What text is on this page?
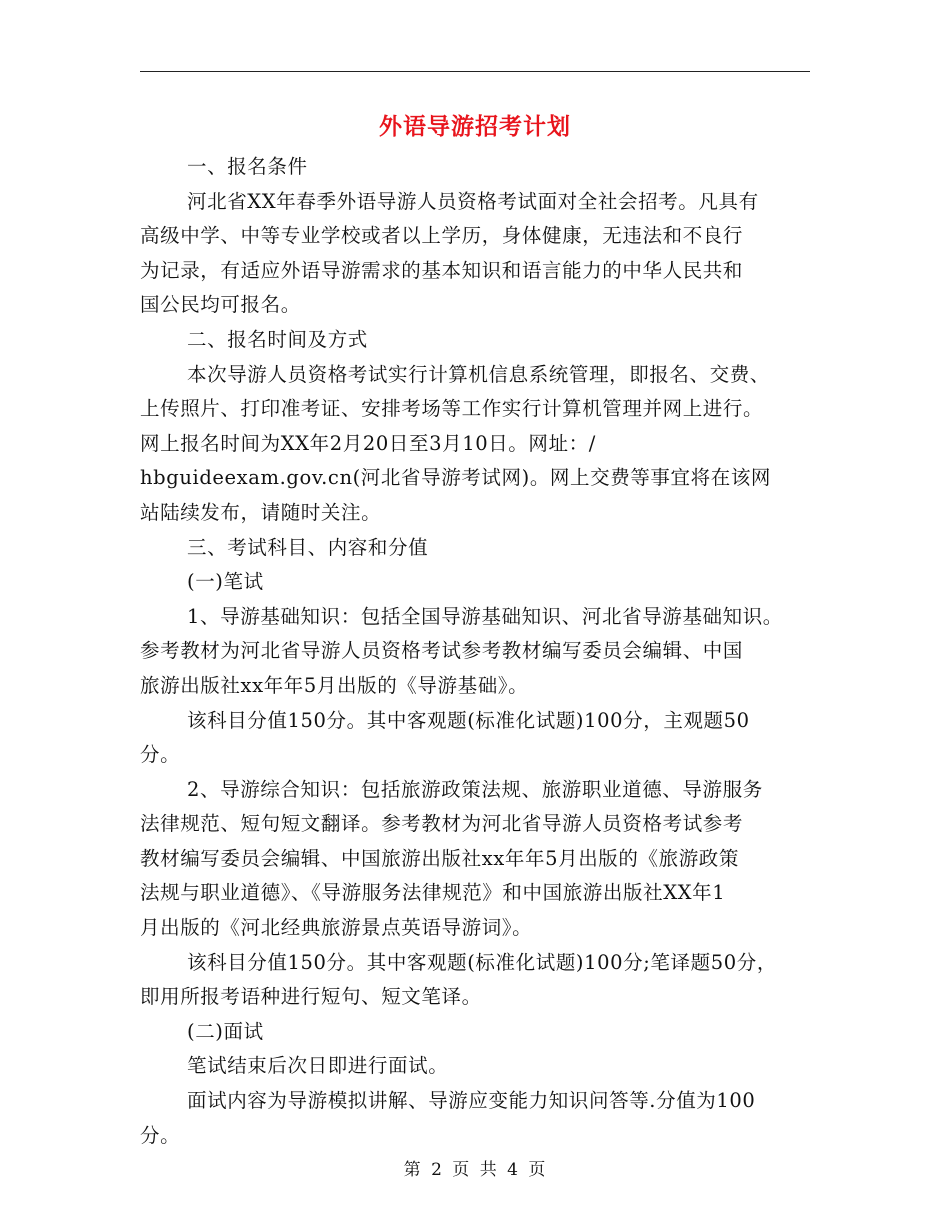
外语导游招考计划
一、报名条件
河北省XX年春季外语导游人员资格考试面对全社会招考。凡具有
高级中学、中等专业学校或者以上学历，身体健康，无违法和不良行
为记录，有适应外语导游需求的基本知识和语言能力的中华人民共和
国公民均可报名。
二、报名时间及方式
本次导游人员资格考试实行计算机信息系统管理，即报名、交费、
上传照片、打印准考证、安排考场等工作实行计算机管理并网上进行。
网上报名时间为XX年2月20日至3月10日。网址：/
hbguideexam.gov.cn(河北省导游考试网)。网上交费等事宜将在该网
站陆续发布，请随时关注。
三、考试科目、内容和分值
(一)笔试
1、导游基础知识：包括全国导游基础知识、河北省导游基础知识。
参考教材为河北省导游人员资格考试参考教材编写委员会编辑、中国
旅游出版社xx年年5月出版的《导游基础》。
该科目分值150分。其中客观题(标准化试题)100分，主观题50
分。
2、导游综合知识：包括旅游政策法规、旅游职业道德、导游服务
法律规范、短句短文翻译。参考教材为河北省导游人员资格考试参考
教材编写委员会编辑、中国旅游出版社xx年年5月出版的《旅游政策
法规与职业道德》、《导游服务法律规范》和中国旅游出版社XX年1
月出版的《河北经典旅游景点英语导游词》。
该科目分值150分。其中客观题(标准化试题)100分;笔译题50分，
即用所报考语种进行短句、短文笔译。
(二)面试
笔试结束后次日即进行面试。
面试内容为导游模拟讲解、导游应变能力知识问答等.分值为100
分。
第 2 页 共 4 页
